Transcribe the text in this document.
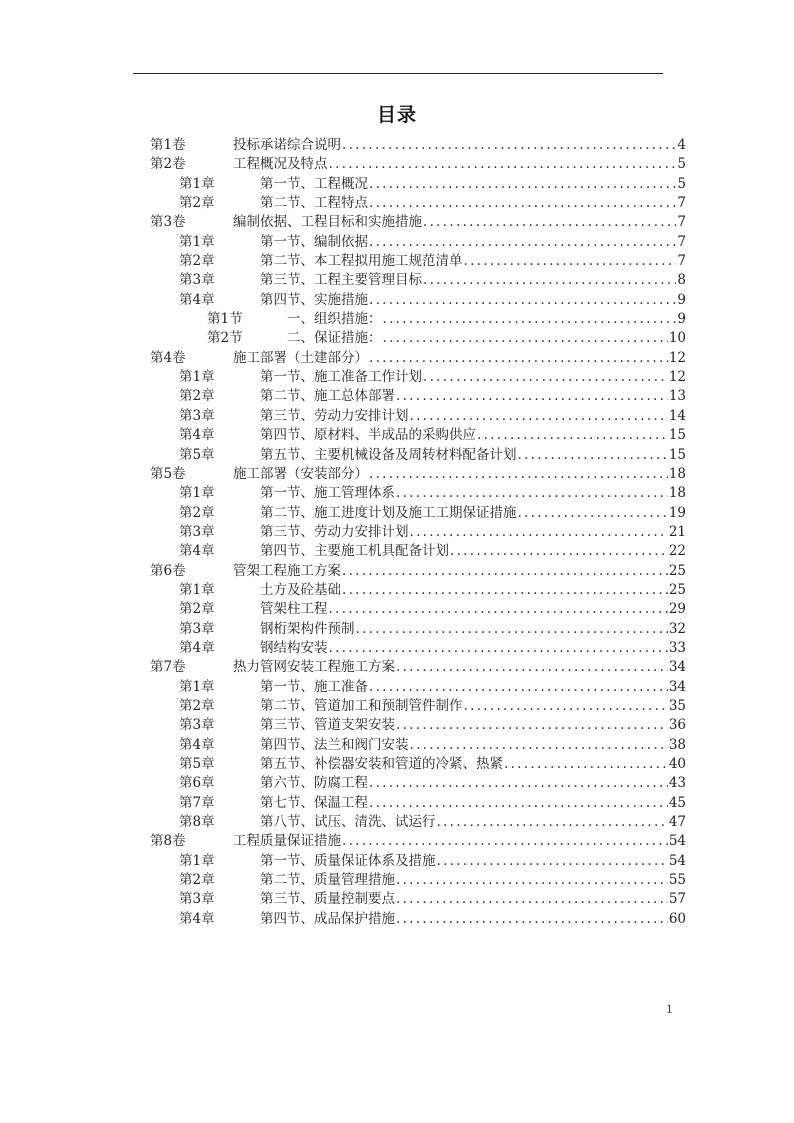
目录
第1卷	投标承诺综合说明 .....	4
第2卷	工程概况及特点 .....	5
第1章	第一节、工程概况 .....	5
第2章	第二节、工程特点 .....	7
第3卷	编制依据、工程目标和实施措施 .....	7
第1章	第一节、编制依据 .....	7
第2章	第二节、本工程拟用施工规范清单 .....	7
第3章	第三节、工程主要管理目标 .....	8
第4章	第四节、实施措施 .....	9
第1节	一、组织措施： .....	9
第2节	二、保证措施： .....	10
第4卷	施工部署（土建部分） .....	12
第1章	第一节、施工准备工作计划 .....	12
第2章	第二节、施工总体部署 .....	13
第3章	第三节、劳动力安排计划 .....	14
第4章	第四节、原材料、半成品的采购供应 .....	15
第5章	第五节、主要机械设备及周转材料配备计划 .....	15
第5卷	施工部署（安装部分） .....	18
第1章	第一节、施工管理体系 .....	18
第2章	第二节、施工进度计划及施工工期保证措施 .....	19
第3章	第三节、劳动力安排计划 .....	21
第4章	第四节、主要施工机具配备计划 .....	22
第6卷	管架工程施工方案 .....	25
第1章	土方及砼基础 .....	25
第2章	管架柱工程 .....	29
第3章	钢桁架构件预制 .....	32
第4章	钢结构安装 .....	33
第7卷	热力管网安装工程施工方案 .....	34
第1章	第一节、施工准备 .....	34
第2章	第二节、管道加工和预制管件制作 .....	35
第3章	第三节、管道支架安装 .....	36
第4章	第四节、法兰和阀门安装 .....	38
第5章	第五节、补偿器安装和管道的冷紧、热紧 .....	40
第6章	第六节、防腐工程 .....	43
第7章	第七节、保温工程 .....	45
第8章	第八节、试压、清洗、试运行 .....	47
第8卷	工程质量保证措施 .....	54
第1章	第一节、质量保证体系及措施 .....	54
第2章	第二节、质量管理措施 .....	55
第3章	第三节、质量控制要点 .....	57
第4章	第四节、成品保护措施 .....	60
1
